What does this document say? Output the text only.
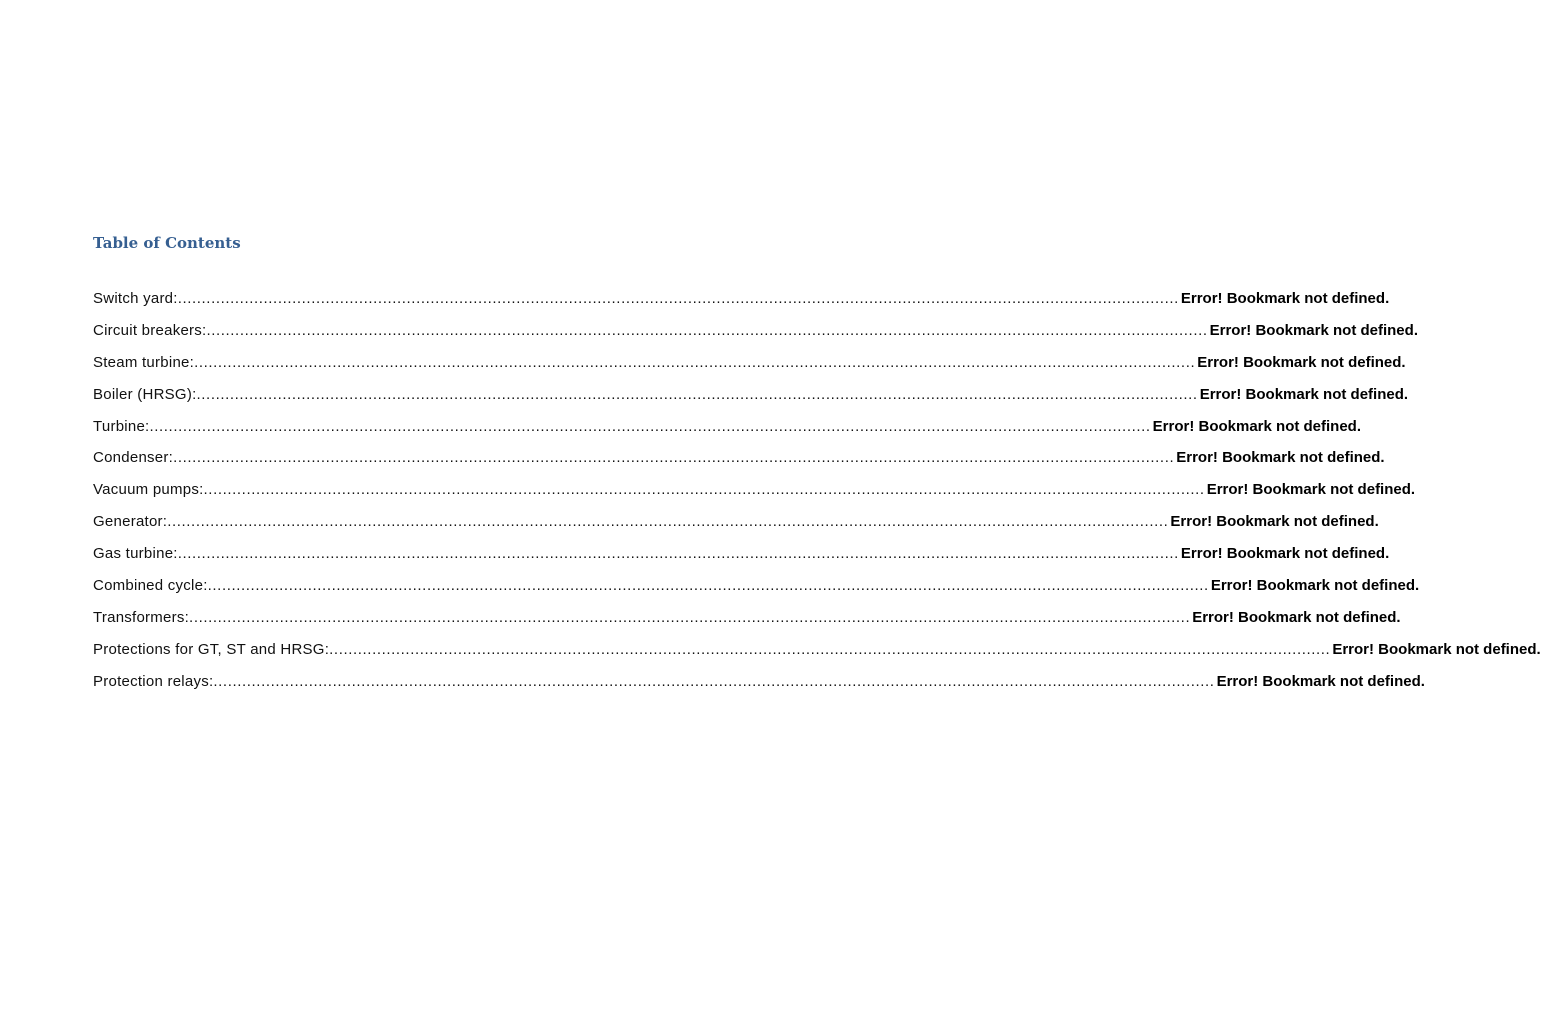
Table of Contents
Switch yard: .................................................................................................................................................................................................................. Error! Bookmark not defined.
Circuit breakers: .................................................................................................................................................................................................................. Error! Bookmark not defined.
Steam turbine: .................................................................................................................................................................................................................. Error! Bookmark not defined.
Boiler (HRSG): .................................................................................................................................................................................................................. Error! Bookmark not defined.
Turbine: .................................................................................................................................................................................................................. Error! Bookmark not defined.
Condenser: .................................................................................................................................................................................................................. Error! Bookmark not defined.
Vacuum pumps: .................................................................................................................................................................................................................. Error! Bookmark not defined.
Generator: .................................................................................................................................................................................................................. Error! Bookmark not defined.
Gas turbine: .................................................................................................................................................................................................................. Error! Bookmark not defined.
Combined cycle: .................................................................................................................................................................................................................. Error! Bookmark not defined.
Transformers: .................................................................................................................................................................................................................. Error! Bookmark not defined.
Protections for GT, ST and HRSG: .................................................................................................................................................................................................................. Error! Bookmark not defined.
Protection relays: .................................................................................................................................................................................................................. Error! Bookmark not defined.
